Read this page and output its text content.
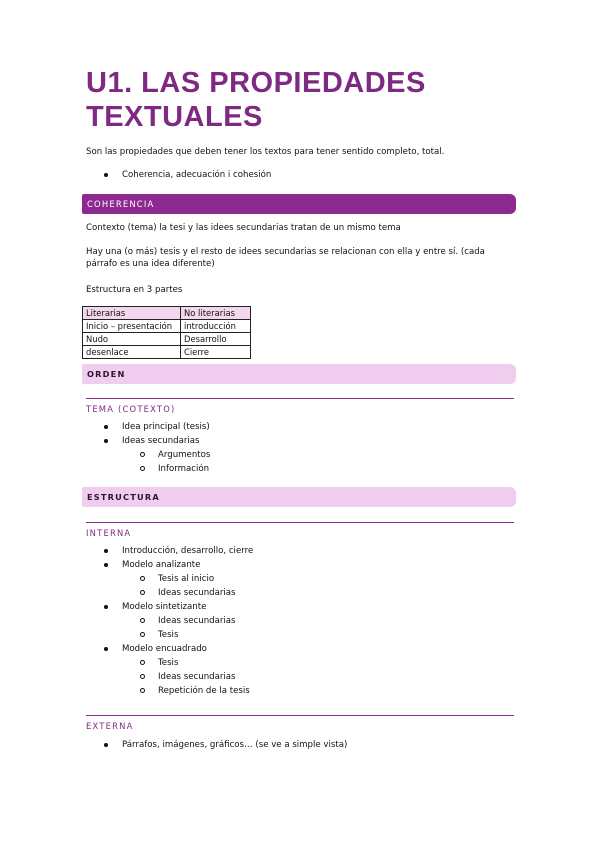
U1. LAS PROPIEDADES
TEXTUALES

Son las propiedades que deben tener los textos para tener sentido completo, total.

Coherencia, adecuación i cohesión
COHERENCIA

Contexto (tema) la tesi y las idees secundarias tratan de un mismo tema

Hay una (o más) tesis y el resto de idees secundarias se relacionan con ella y entre sí. (cada párrafo es una idea diferente)

Estructura en 3 partes

Literarias	No literarias
Inicio – presentación	introducción
Nudo	Desarrollo
desenlace	Cierre
ORDEN
TEMA (COTEXTO)
Idea principal (tesis)
Ideas secundarias
Argumentos
Información
ESTRUCTURA
INTERNA
Introducción, desarrollo, cierre
Modelo analizante
Tesis al inicio
Ideas secundarias
Modelo sintetizante
Ideas secundarias
Tesis
Modelo encuadrado
Tesis
Ideas secundarias
Repetición de la tesis
EXTERNA
Párrafos, imágenes, gráficos… (se ve a simple vista)
